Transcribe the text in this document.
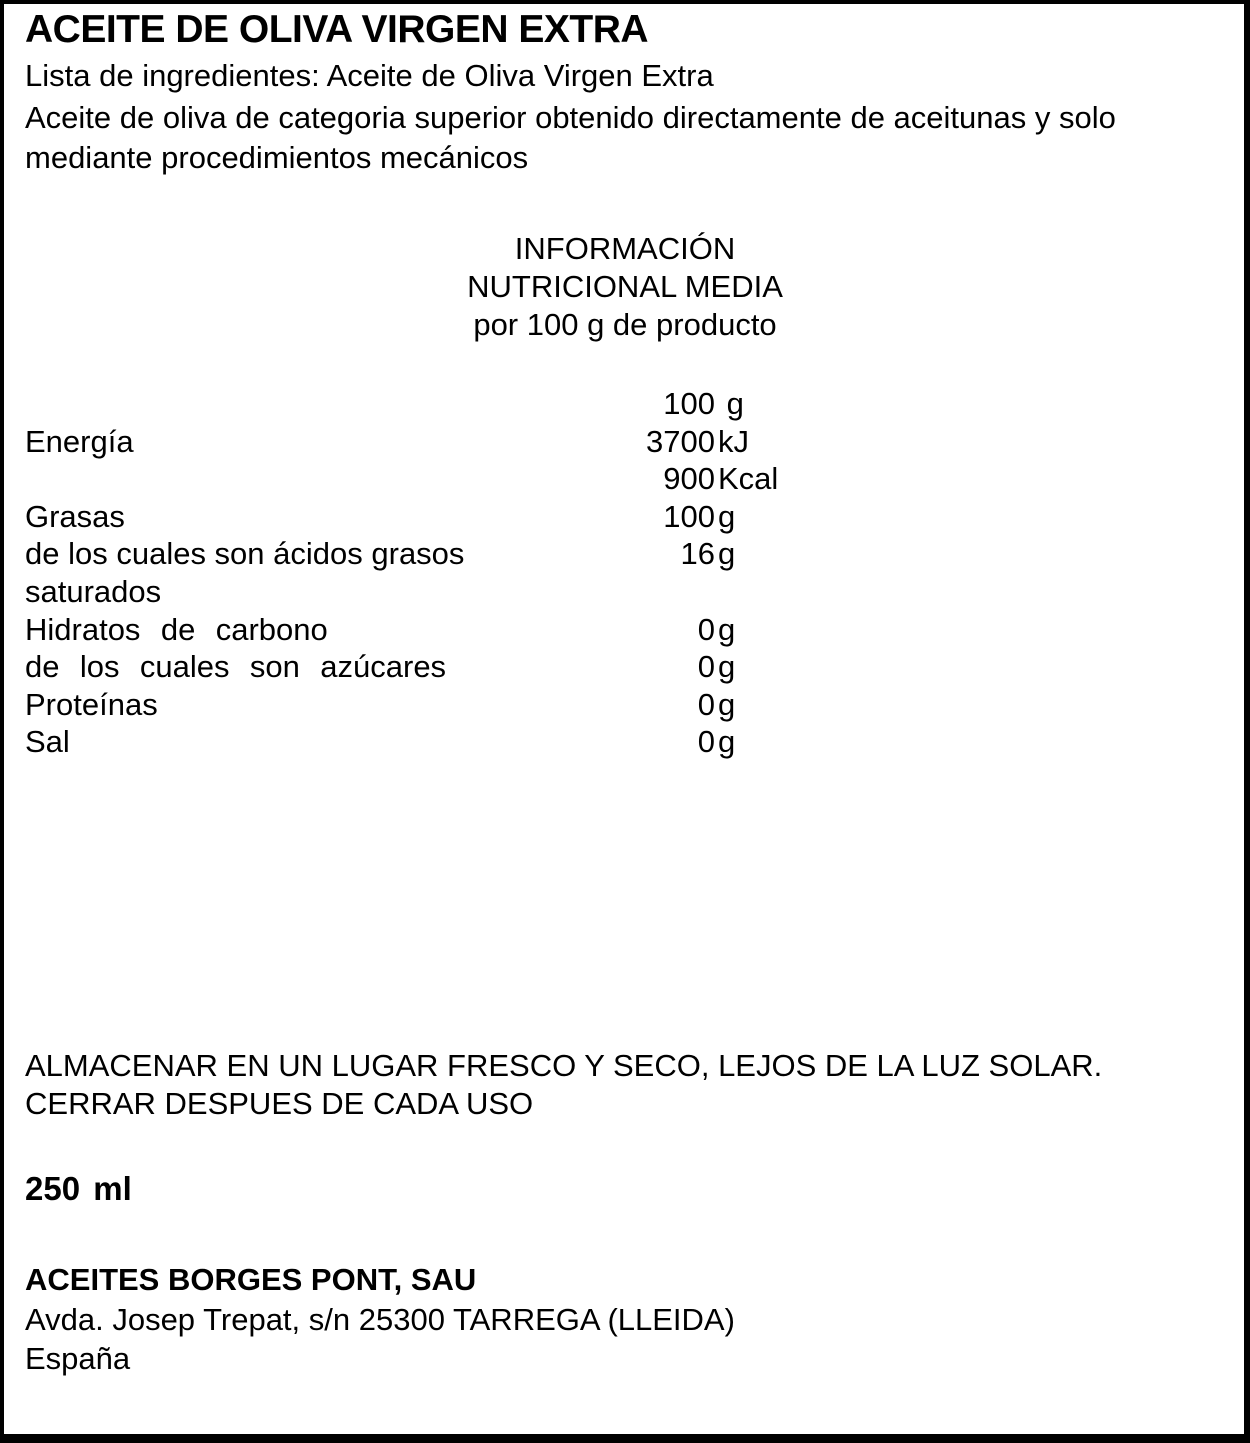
ACEITE DE OLIVA VIRGEN EXTRA
Lista de ingredientes: Aceite de Oliva Virgen Extra
Aceite de oliva de categoria superior obtenido directamente de aceitunas y solo
mediante procedimientos mecánicos
INFORMACIÓN
NUTRICIONAL MEDIA
por 100 g de producto
100 g
Energía	3700 kJ
900 Kcal
Grasas	100 g
de los cuales son ácidos grasos	16 g
saturados
Hidratos de carbono	0 g
de los cuales son azúcares	0 g
Proteínas	0 g
Sal	0 g
ALMACENAR EN UN LUGAR FRESCO Y SECO, LEJOS DE LA LUZ SOLAR.
CERRAR DESPUES DE CADA USO
250 ml
ACEITES BORGES PONT, SAU
Avda. Josep Trepat, s/n 25300 TARREGA (LLEIDA)
España
